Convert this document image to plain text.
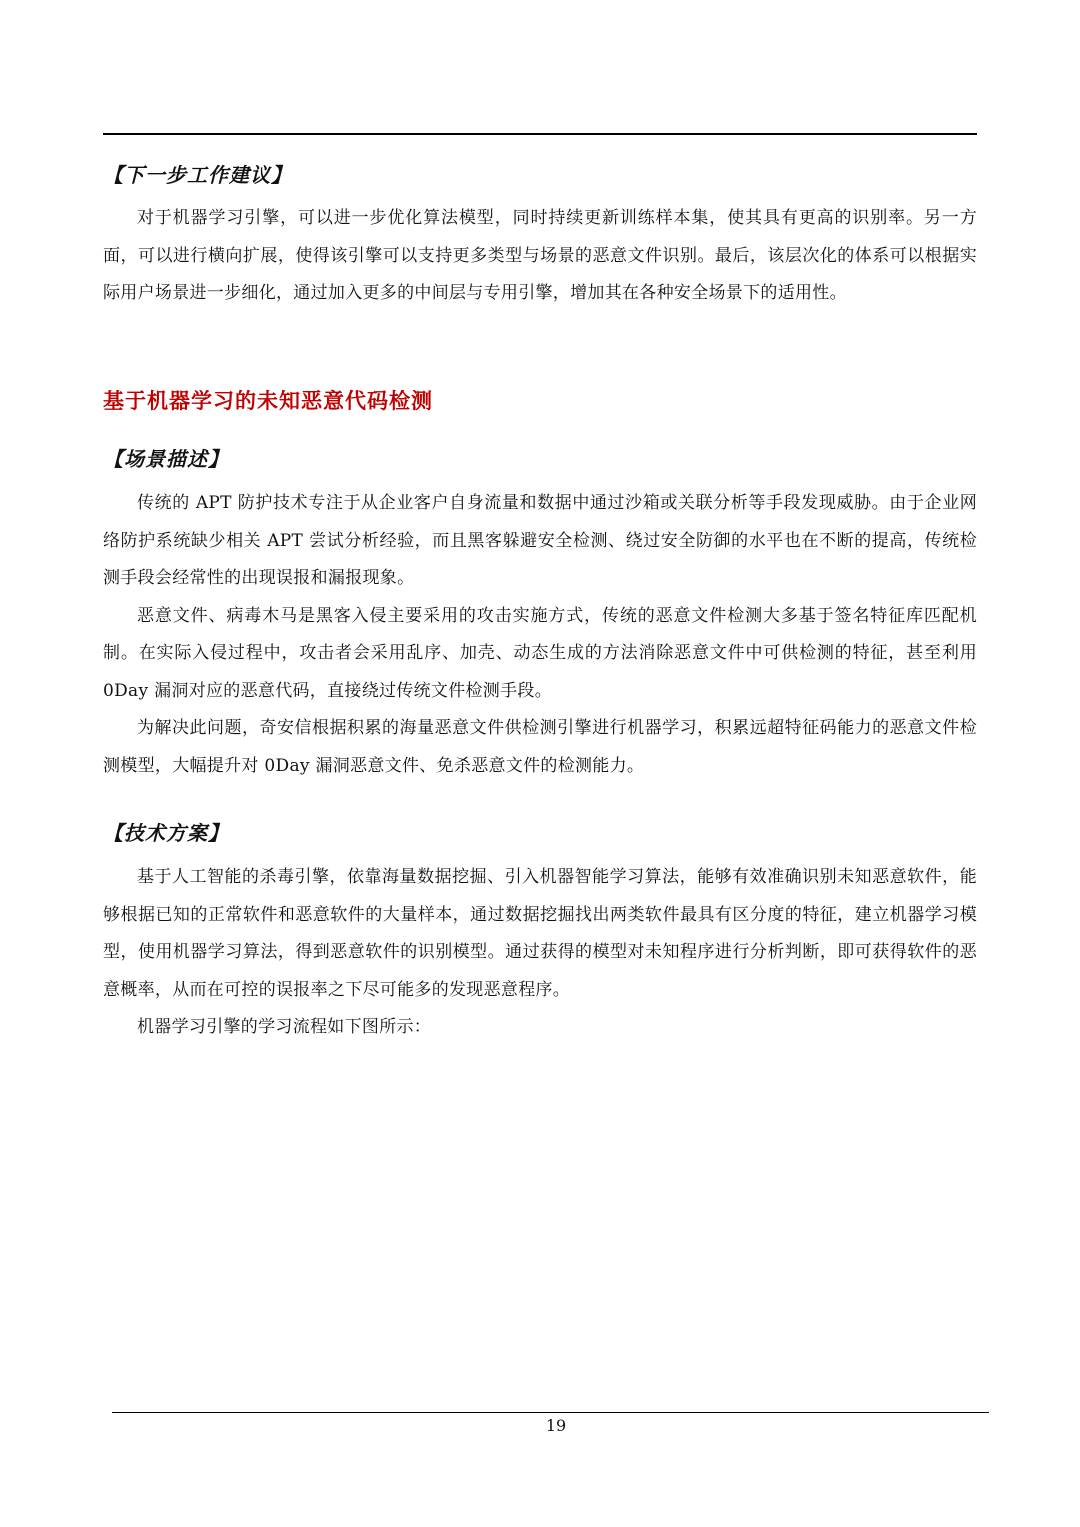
【下一步工作建议】

对于机器学习引擎，可以进一步优化算法模型，同时持续更新训练样本集，使其具有更高的识别率。另一方面，可以进行横向扩展，使得该引擎可以支持更多类型与场景的恶意文件识别。最后，该层次化的体系可以根据实际用户场景进一步细化，通过加入更多的中间层与专用引擎，增加其在各种安全场景下的适用性。

基于机器学习的未知恶意代码检测
【场景描述】

传统的 APT 防护技术专注于从企业客户自身流量和数据中通过沙箱或关联分析等手段发现威胁。由于企业网络防护系统缺少相关 APT 尝试分析经验，而且黑客躲避安全检测、绕过安全防御的水平也在不断的提高，传统检测手段会经常性的出现误报和漏报现象。

恶意文件、病毒木马是黑客入侵主要采用的攻击实施方式，传统的恶意文件检测大多基于签名特征库匹配机制。在实际入侵过程中，攻击者会采用乱序、加壳、动态生成的方法消除恶意文件中可供检测的特征，甚至利用 0Day 漏洞对应的恶意代码，直接绕过传统文件检测手段。

为解决此问题，奇安信根据积累的海量恶意文件供检测引擎进行机器学习，积累远超特征码能力的恶意文件检测模型，大幅提升对 0Day 漏洞恶意文件、免杀恶意文件的检测能力。

【技术方案】

基于人工智能的杀毒引擎，依靠海量数据挖掘、引入机器智能学习算法，能够有效准确识别未知恶意软件，能够根据已知的正常软件和恶意软件的大量样本，通过数据挖掘找出两类软件最具有区分度的特征，建立机器学习模型，使用机器学习算法，得到恶意软件的识别模型。通过获得的模型对未知程序进行分析判断，即可获得软件的恶意概率，从而在可控的误报率之下尽可能多的发现恶意程序。

机器学习引擎的学习流程如下图所示：

19
